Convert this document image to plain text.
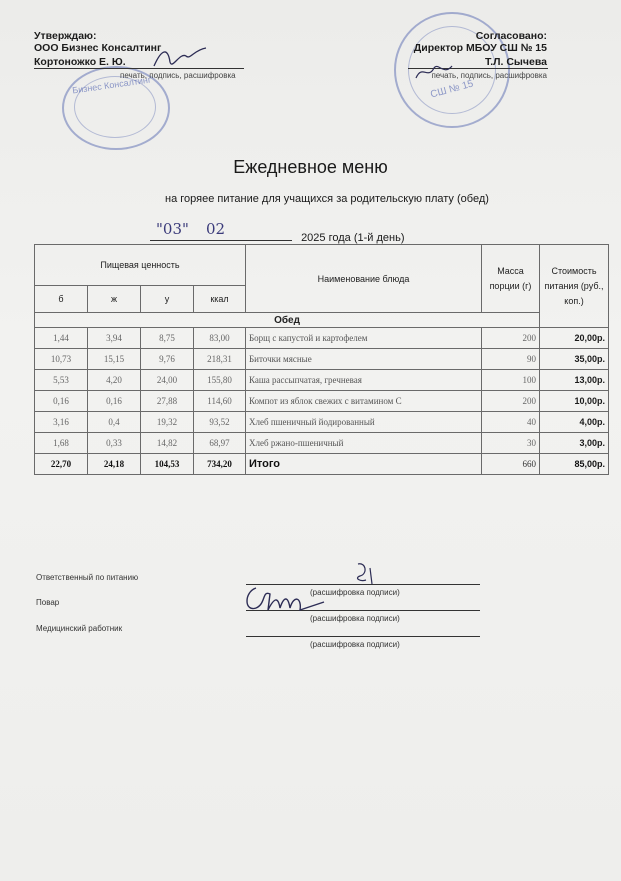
Бизнес Консалтинг
Утверждаю:
ООО Бизнес Консалтинг
Кортоножко Е. Ю.
печать, подпись, расшифровка
СШ № 15
Согласовано:
Директор МБОУ СШ № 15
Т.Л. Сычева
печать, подпись, расшифровка
Ежедневное меню
на горяее питание для учащихся за родительскую плату (обед)
"03" 02	2025 года (1-й день)
Пищевая ценность				Наименование блюда	Масса порции (г)	Стоимость питания (руб., коп.)
б	ж	у	ккал			
Обед						
1,44	3,94	8,75	83,00	Борщ с капустой и картофелем	200	20,00р.
10,73	15,15	9,76	218,31	Биточки мясные	90	35,00р.
5,53	4,20	24,00	155,80	Каша рассыпчатая, гречневая	100	13,00р.
0,16	0,16	27,88	114,60	Компот из яблок свежих с витамином С	200	10,00р.
3,16	0,4	19,32	93,52	Хлеб пшеничный йодированный	40	4,00р.
1,68	0,33	14,82	68,97	Хлеб ржано-пшеничный	30	3,00р.
22,70	24,18	104,53	734,20	Итого	660	85,00р.
Ответственный по питанию
(расшифровка подписи)
Повар
(расшифровка подписи)
Медицинский работник
(расшифровка подписи)
